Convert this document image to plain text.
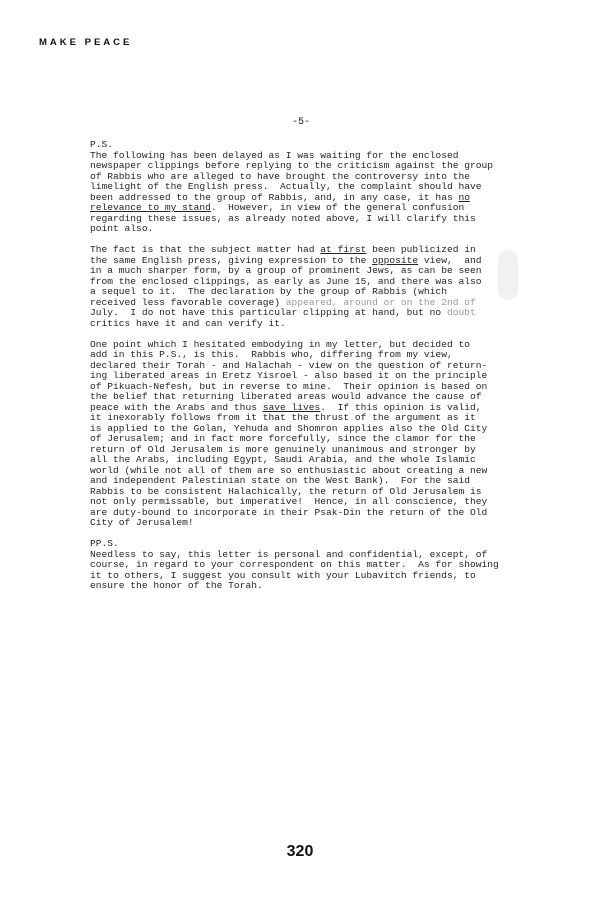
MAKE PEACE
-5-
P.S.
The following has been delayed as I was waiting for the enclosed
newspaper clippings before replying to the criticism against the group
of Rabbis who are alleged to have brought the controversy into the
limelight of the English press.  Actually, the complaint should have
been addressed to the group of Rabbis, and, in any case, it has no
relevance to my stand.  However, in view of the general confusion
regarding these issues, as already noted above, I will clarify this
point also.
The fact is that the subject matter had at first been publicized in
the same English press, giving expression to the opposite view,  and
in a much sharper form, by a group of prominent Jews, as can be seen
from the enclosed clippings, as early as June 15, and there was also
a sequel to it.  The declaration by the group of Rabbis (which
received less favorable coverage) appeared, around or on the 2nd of
July.  I do not have this particular clipping at hand, but no doubt
critics have it and can verify it.
One point which I hesitated embodying in my letter, but decided to
add in this P.S., is this.  Rabbis who, differing from my view,
declared their Torah - and Halachah - view on the question of return-
ing liberated areas in Eretz Yisroel - also based it on the principle
of Pikuach-Nefesh, but in reverse to mine.  Their opinion is based on
the belief that returning liberated areas would advance the cause of
peace with the Arabs and thus save lives.  If this opinion is valid,
it inexorably follows from it that the thrust of the argument as it
is applied to the Golan, Yehuda and Shomron applies also the Old City
of Jerusalem; and in fact more forcefully, since the clamor for the
return of Old Jerusalem is more genuinely unanimous and stronger by
all the Arabs, including Egypt, Saudi Arabia, and the whole Islamic
world (while not all of them are so enthusiastic about creating a new
and independent Palestinian state on the West Bank).  For the said
Rabbis to be consistent Halachically, the return of Old Jerusalem is
not only permissable, but imperative!  Hence, in all conscience, they
are duty-bound to incorporate in their Psak-Din the return of the Old
City of Jerusalem!
PP.S.
Needless to say, this letter is personal and confidential, except, of
course, in regard to your correspondent on this matter.  As for showing
it to others, I suggest you consult with your Lubavitch friends, to
ensure the honor of the Torah.
320
